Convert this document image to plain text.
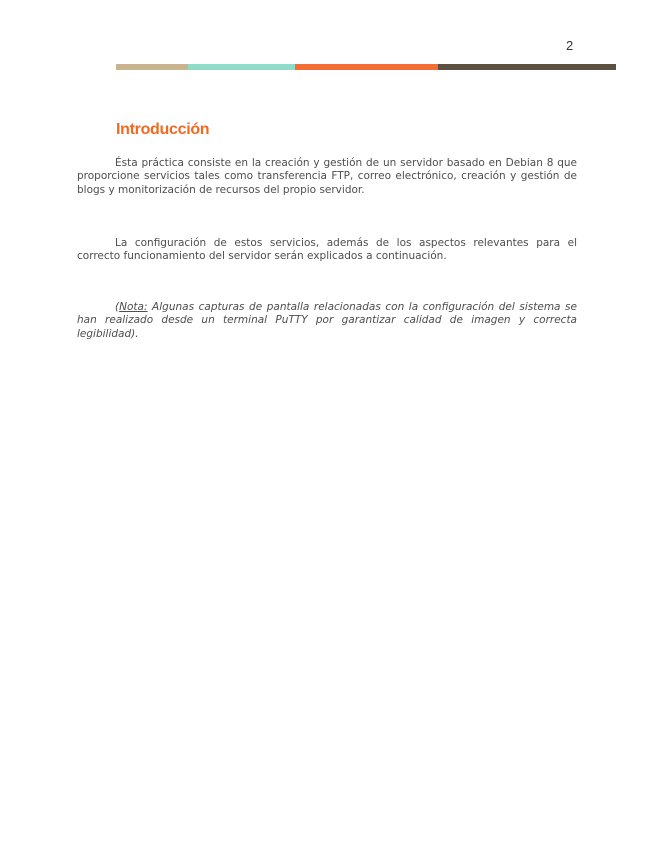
2
Introducción

Ésta práctica consiste en la creación y gestión de un servidor basado en Debian 8 que proporcione servicios tales como transferencia FTP, correo electrónico, creación y gestión de blogs y monitorización de recursos del propio servidor.

La configuración de estos servicios, además de los aspectos relevantes para el correcto funcionamiento del servidor serán explicados a continuación.

(Nota: Algunas capturas de pantalla relacionadas con la configuración del sistema se han realizado desde un terminal PuTTY por garantizar calidad de imagen y correcta legibilidad).
